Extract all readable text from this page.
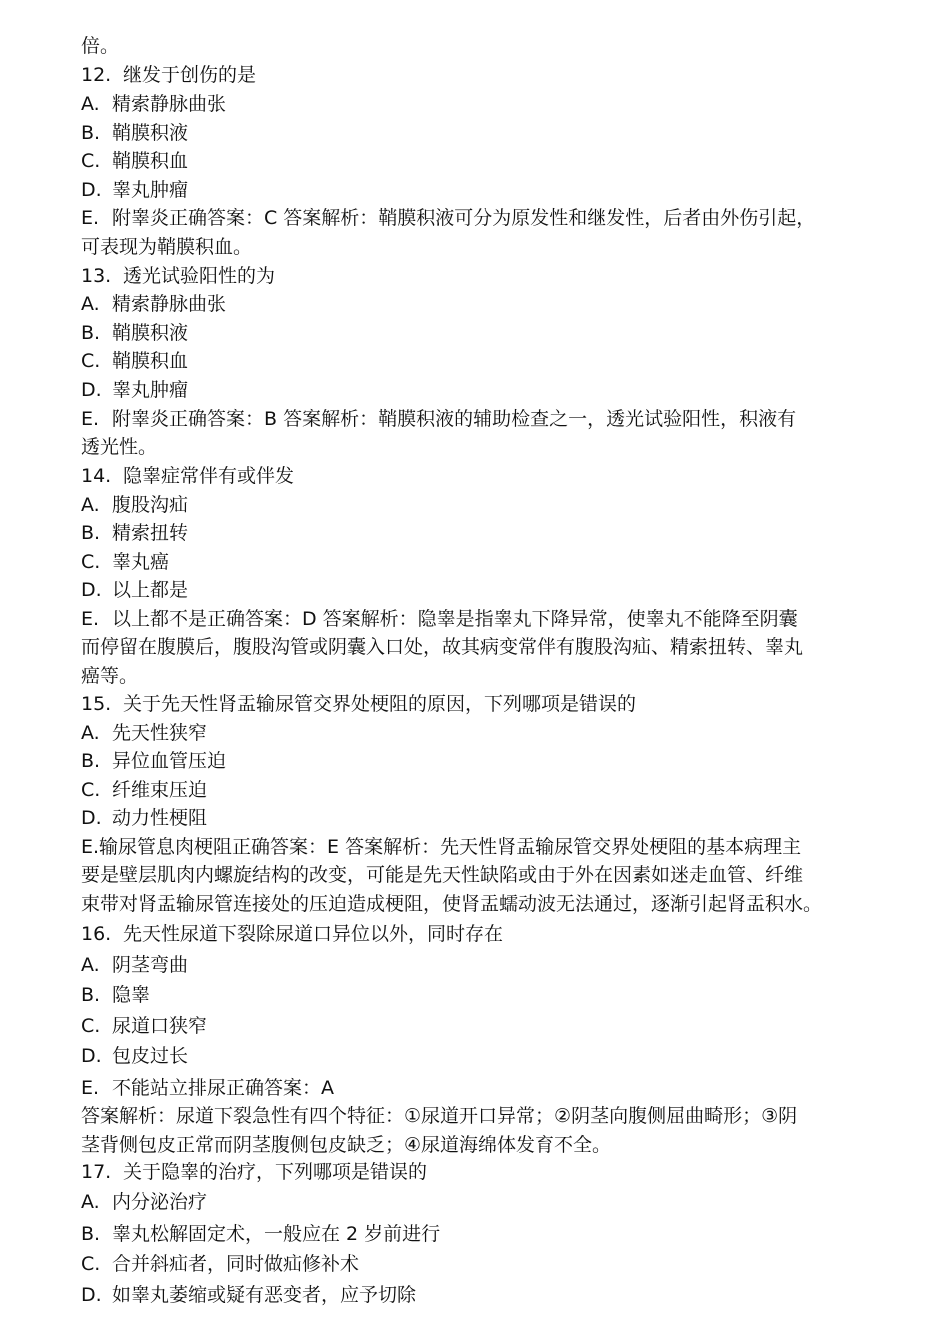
倍。
12. 继发于创伤的是
A. 精索静脉曲张
B. 鞘膜积液
C. 鞘膜积血
D. 睾丸肿瘤
E. 附睾炎正确答案：C 答案解析：鞘膜积液可分为原发性和继发性，后者由外伤引起，
可表现为鞘膜积血。
13. 透光试验阳性的为
A. 精索静脉曲张
B. 鞘膜积液
C. 鞘膜积血
D. 睾丸肿瘤
E. 附睾炎正确答案：B 答案解析：鞘膜积液的辅助检查之一，透光试验阳性，积液有
透光性。
14. 隐睾症常伴有或伴发
A. 腹股沟疝
B. 精索扭转
C. 睾丸癌
D. 以上都是
E. 以上都不是正确答案：D 答案解析：隐睾是指睾丸下降异常，使睾丸不能降至阴囊
而停留在腹膜后，腹股沟管或阴囊入口处，故其病变常伴有腹股沟疝、精索扭转、睾丸
癌等。
15. 关于先天性肾盂输尿管交界处梗阻的原因，下列哪项是错误的
A. 先天性狭窄
B. 异位血管压迫
C. 纤维束压迫
D. 动力性梗阻
E.输尿管息肉梗阻正确答案：E 答案解析：先天性肾盂输尿管交界处梗阻的基本病理主
要是壁层肌肉内螺旋结构的改变，可能是先天性缺陷或由于外在因素如迷走血管、纤维
束带对肾盂输尿管连接处的压迫造成梗阻，使肾盂蠕动波无法通过，逐渐引起肾盂积水。
16. 先天性尿道下裂除尿道口异位以外，同时存在
A. 阴茎弯曲
B. 隐睾
C. 尿道口狭窄
D. 包皮过长
E. 不能站立排尿正确答案：A
答案解析：尿道下裂急性有四个特征：①尿道开口异常；②阴茎向腹侧屈曲畸形；③阴
茎背侧包皮正常而阴茎腹侧包皮缺乏；④尿道海绵体发育不全。
17. 关于隐睾的治疗，下列哪项是错误的
A. 内分泌治疗
B. 睾丸松解固定术，一般应在 2 岁前进行
C. 合并斜疝者，同时做疝修补术
D. 如睾丸萎缩或疑有恶变者，应予切除
